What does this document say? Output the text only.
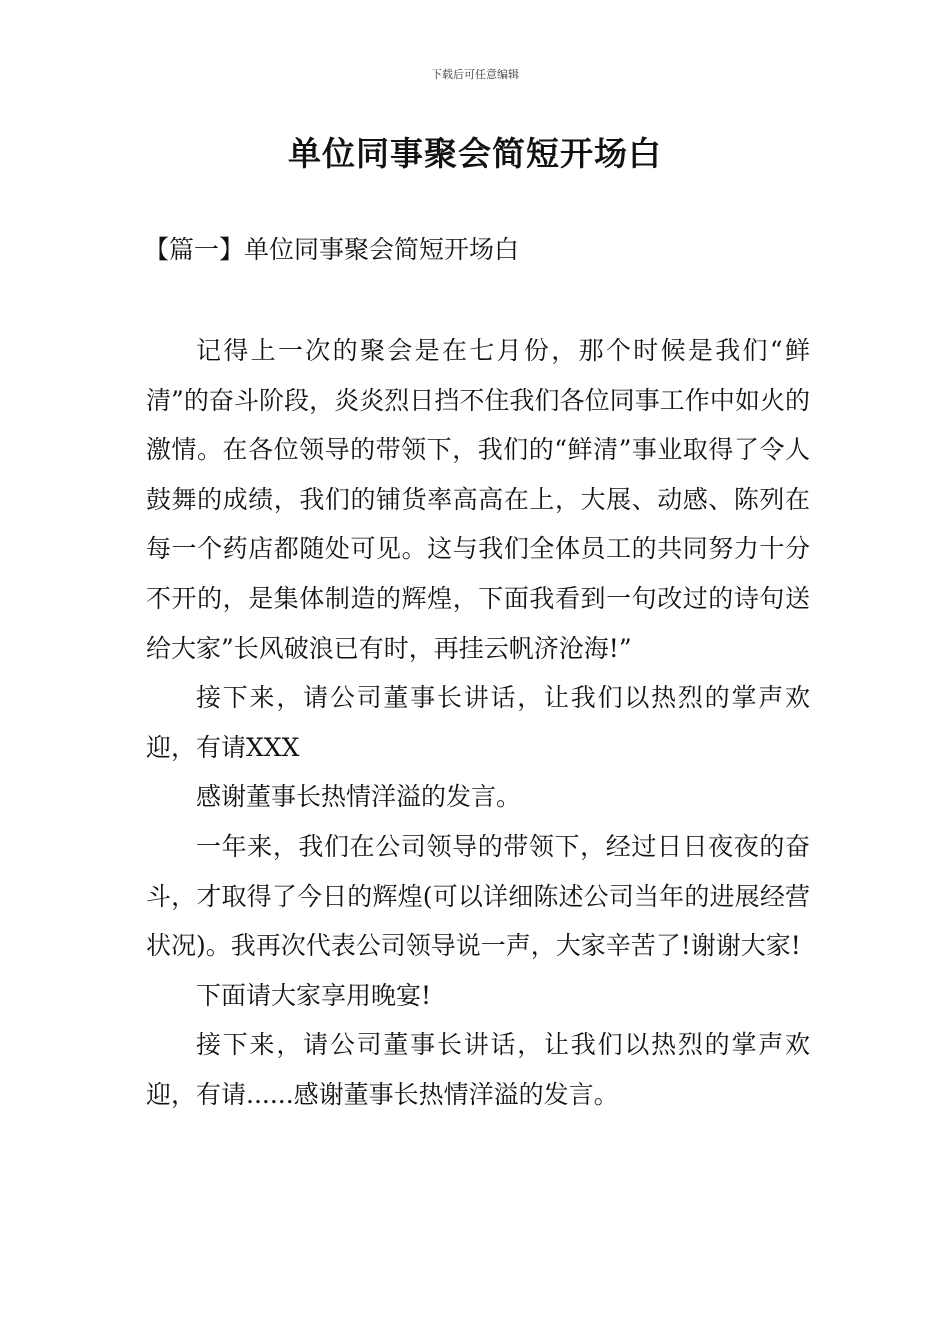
下载后可任意编辑
单位同事聚会简短开场白
【篇一】单位同事聚会简短开场白

记得上一次的聚会是在七月份，那个时候是我们“鲜清”的奋斗阶段，炎炎烈日挡不住我们各位同事工作中如火的激情。在各位领导的带领下，我们的“鲜清”事业取得了令人鼓舞的成绩，我们的铺货率高高在上，大展、动感、陈列在每一个药店都随处可见。这与我们全体员工的共同努力十分不开的，是集体制造的辉煌，下面我看到一句改过的诗句送给大家”长风破浪已有时，再挂云帆济沧海!”

接下来，请公司董事长讲话，让我们以热烈的掌声欢迎，有请XXX

感谢董事长热情洋溢的发言。

一年来，我们在公司领导的带领下，经过日日夜夜的奋斗，才取得了今日的辉煌(可以详细陈述公司当年的进展经营状况)。我再次代表公司领导说一声，大家辛苦了!谢谢大家!

下面请大家享用晚宴!

接下来，请公司董事长讲话，让我们以热烈的掌声欢迎，有请......感谢董事长热情洋溢的发言。
